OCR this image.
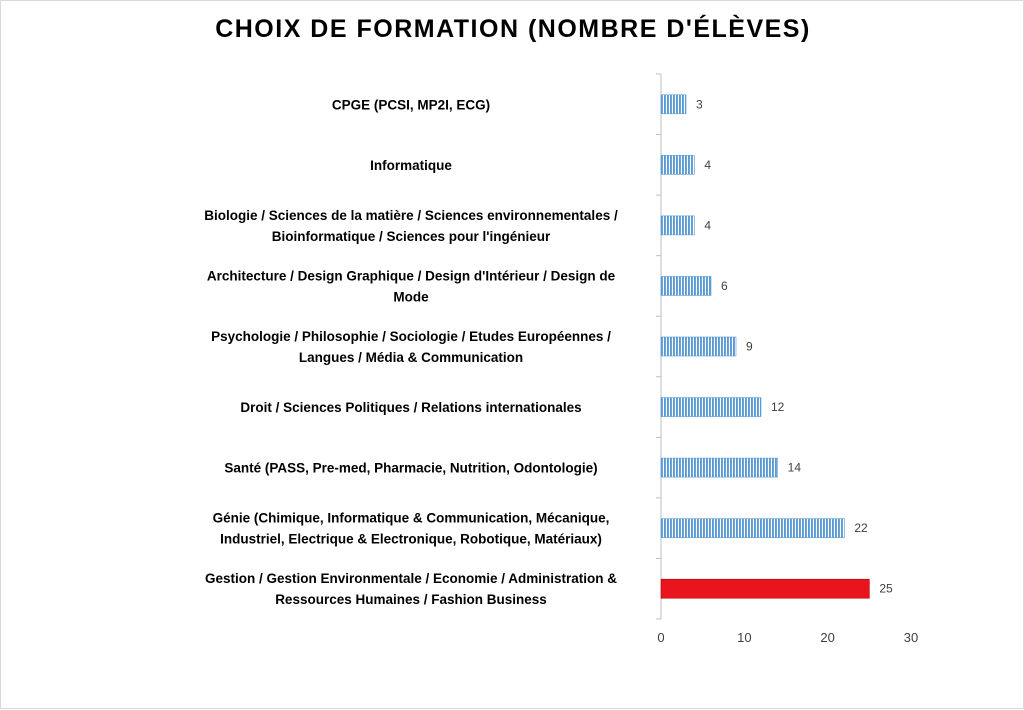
CHOIX DE FORMATION (NOMBRE D'ÉLÈVES)
0	10	20	30
3
CPGE (PCSI, MP2I, ECG)
4
Informatique
4
Biologie / Sciences de la matière / Sciences environnementales / Bioinformatique / Sciences pour l'ingénieur
6
Architecture / Design Graphique / Design d'Intérieur / Design de Mode
9
Psychologie / Philosophie / Sociologie / Etudes Européennes / Langues / Média & Communication
12
Droit / Sciences Politiques / Relations internationales
14
Santé (PASS, Pre-med, Pharmacie, Nutrition, Odontologie)
22
Génie (Chimique, Informatique & Communication, Mécanique, Industriel, Electrique & Electronique, Robotique, Matériaux)
25
Gestion / Gestion Environmentale / Economie / Administration & Ressources Humaines / Fashion Business
